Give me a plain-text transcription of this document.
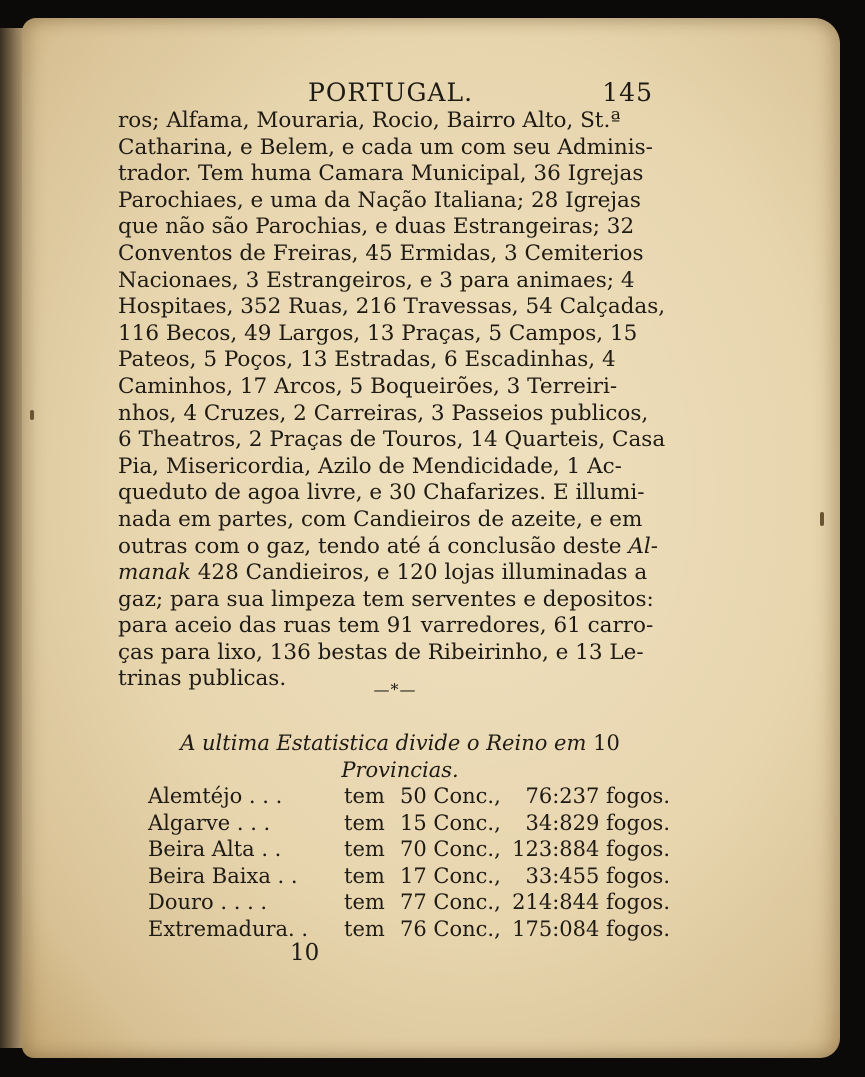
PORTUGAL.	145
ros; Alfama, Mouraria, Rocio, Bairro Alto, St.ª
Catharina, e Belem, e cada um com seu Adminis-
trador. Tem huma Camara Municipal, 36 Igrejas
Parochiaes, e uma da Nação Italiana; 28 Igrejas
que não são Parochias, e duas Estrangeiras; 32
Conventos de Freiras, 45 Ermidas, 3 Cemiterios
Nacionaes, 3 Estrangeiros, e 3 para animaes; 4
Hospitaes, 352 Ruas, 216 Travessas, 54 Calçadas,
116 Becos, 49 Largos, 13 Praças, 5 Campos, 15
Pateos, 5 Poços, 13 Estradas, 6 Escadinhas, 4
Caminhos, 17 Arcos, 5 Boqueirões, 3 Terreiri-
nhos, 4 Cruzes, 2 Carreiras, 3 Passeios publicos,
6 Theatros, 2 Praças de Touros, 14 Quarteis, Casa
Pia, Misericordia, Azilo de Mendicidade, 1 Ac-
queduto de agoa livre, e 30 Chafarizes. E illumi-
nada em partes, com Candieiros de azeite, e em
outras com o gaz, tendo até á conclusão deste Al-
manak 428 Candieiros, e 120 lojas illuminadas a
gaz; para sua limpeza tem serventes e depositos:
para aceio das ruas tem 91 varredores, 61 carro-
ças para lixo, 136 bestas de Ribeirinho, e 13 Le-
trinas publicas.	—*—
A ultima Estatistica divide o Reino em 10
Provincias.
Alemtéjo . . .	tem 50 Conc., 76:237 fogos.
Algarve . . .	tem 15 Conc., 34:829 fogos.
Beira Alta . .	tem 70 Conc., 123:884 fogos.
Beira Baixa . . tem 17 Conc., 33:455 fogos.
Douro . . . .	tem 77 Conc., 214:844 fogos.
Extremadura. . tem 76 Conc., 175:084 fogos.
10
